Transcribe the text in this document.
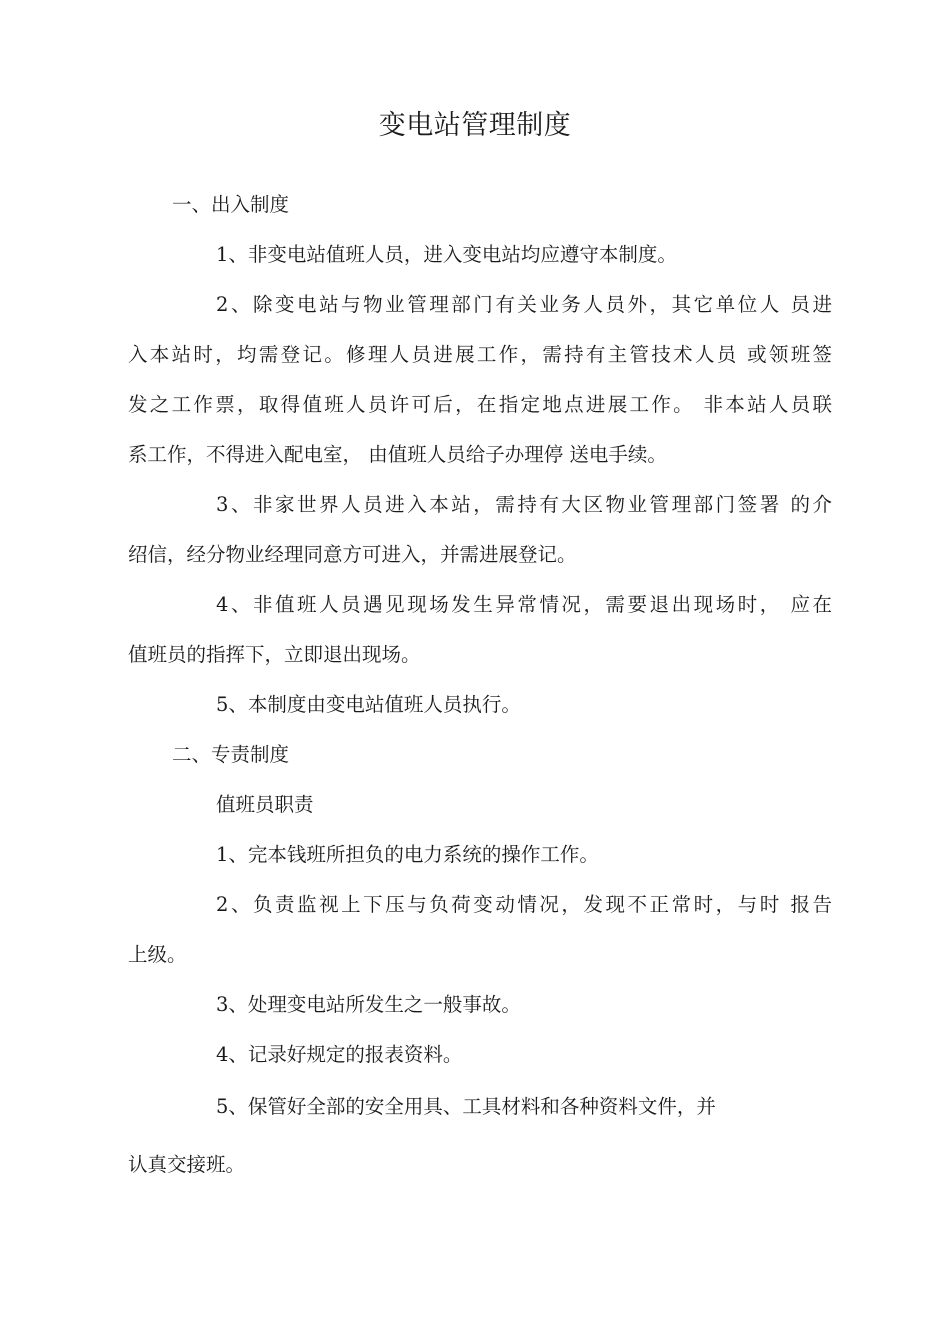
变电站管理制度

一、出入制度

1、非变电站值班人员，进入变电站均应遵守本制度。

2、除变电站与物业管理部门有关业务人员外，其它单位人 员进

入本站时，均需登记。修理人员进展工作，需持有主管技术人员 或领班签

发之工作票，取得值班人员许可后，在指定地点进展工作。 非本站人员联

系工作，不得进入配电室， 由值班人员给子办理停 送电手续。

3、非家世界人员进入本站，需持有大区物业管理部门签署 的介

绍信，经分物业经理同意方可进入，并需进展登记。

4、非值班人员遇见现场发生异常情况，需要退出现场时， 应在

值班员的指挥下，立即退出现场。

5、本制度由变电站值班人员执行。

二、专责制度

值班员职责

1、完本钱班所担负的电力系统的操作工作。

2、负责监视上下压与负荷变动情况，发现不正常时，与时 报告

上级。

3、处理变电站所发生之一般事故。

4、记录好规定的报表资料。

5、保管好全部的安全用具、工具材料和各种资料文件，并

认真交接班。
